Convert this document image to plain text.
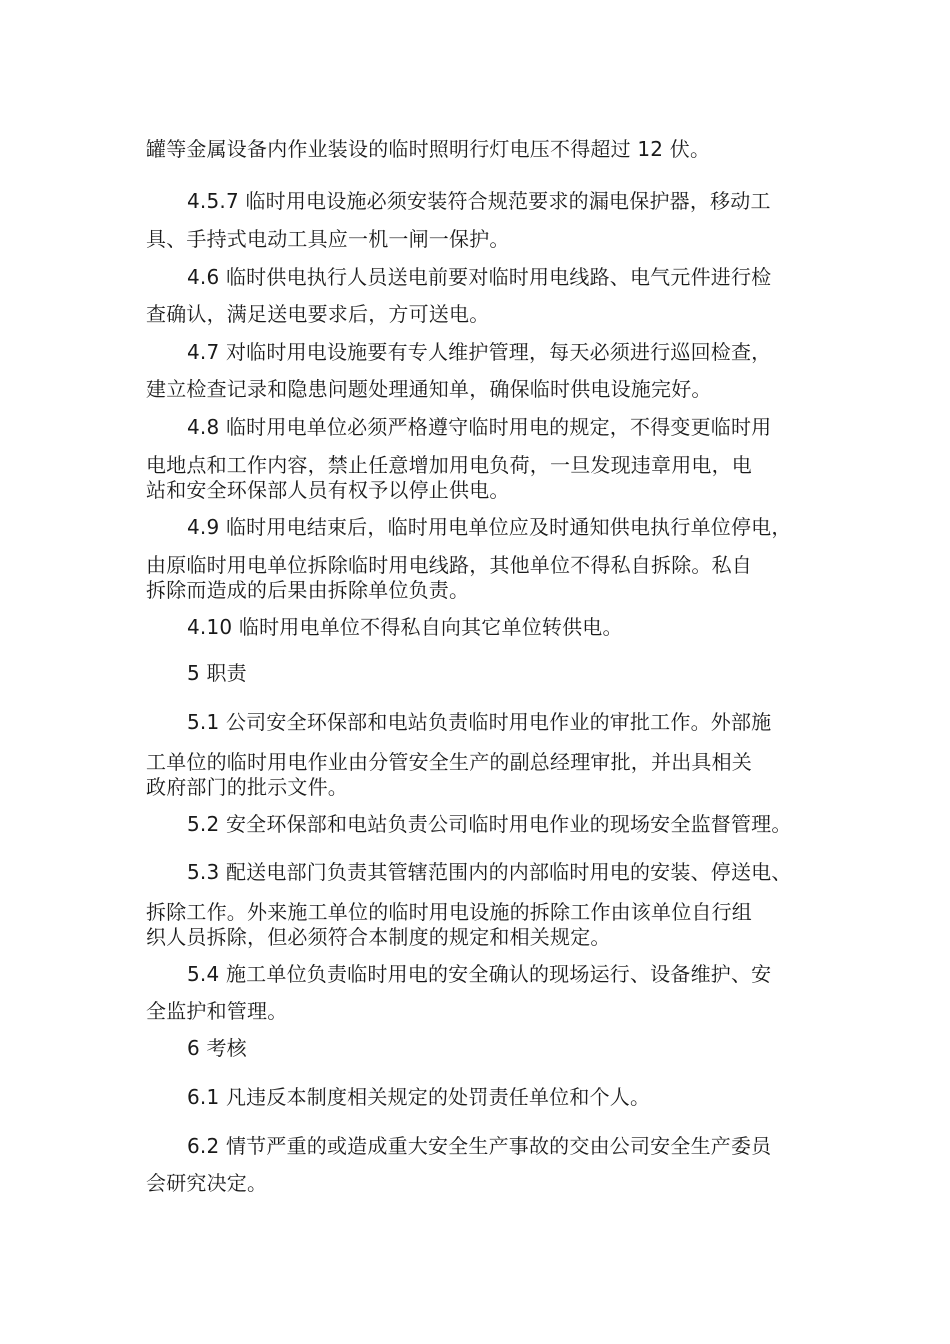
罐等金属设备内作业装设的临时照明行灯电压不得超过 12 伏。
4.5.7 临时用电设施必须安装符合规范要求的漏电保护器，移动工
具、手持式电动工具应一机一闸一保护。
4.6 临时供电执行人员送电前要对临时用电线路、电气元件进行检
查确认，满足送电要求后，方可送电。
4.7 对临时用电设施要有专人维护管理，每天必须进行巡回检查，
建立检查记录和隐患问题处理通知单，确保临时供电设施完好。
4.8 临时用电单位必须严格遵守临时用电的规定，不得变更临时用
电地点和工作内容，禁止任意增加用电负荷，一旦发现违章用电，电
站和安全环保部人员有权予以停止供电。
4.9 临时用电结束后，临时用电单位应及时通知供电执行单位停电，
由原临时用电单位拆除临时用电线路，其他单位不得私自拆除。私自
拆除而造成的后果由拆除单位负责。
4.10 临时用电单位不得私自向其它单位转供电。
5 职责
5.1 公司安全环保部和电站负责临时用电作业的审批工作。外部施
工单位的临时用电作业由分管安全生产的副总经理审批，并出具相关
政府部门的批示文件。
5.2 安全环保部和电站负责公司临时用电作业的现场安全监督管理。
5.3 配送电部门负责其管辖范围内的内部临时用电的安装、停送电、
拆除工作。外来施工单位的临时用电设施的拆除工作由该单位自行组
织人员拆除，但必须符合本制度的规定和相关规定。
5.4 施工单位负责临时用电的安全确认的现场运行、设备维护、安
全监护和管理。
6 考核
6.1 凡违反本制度相关规定的处罚责任单位和个人。
6.2 情节严重的或造成重大安全生产事故的交由公司安全生产委员
会研究决定。
